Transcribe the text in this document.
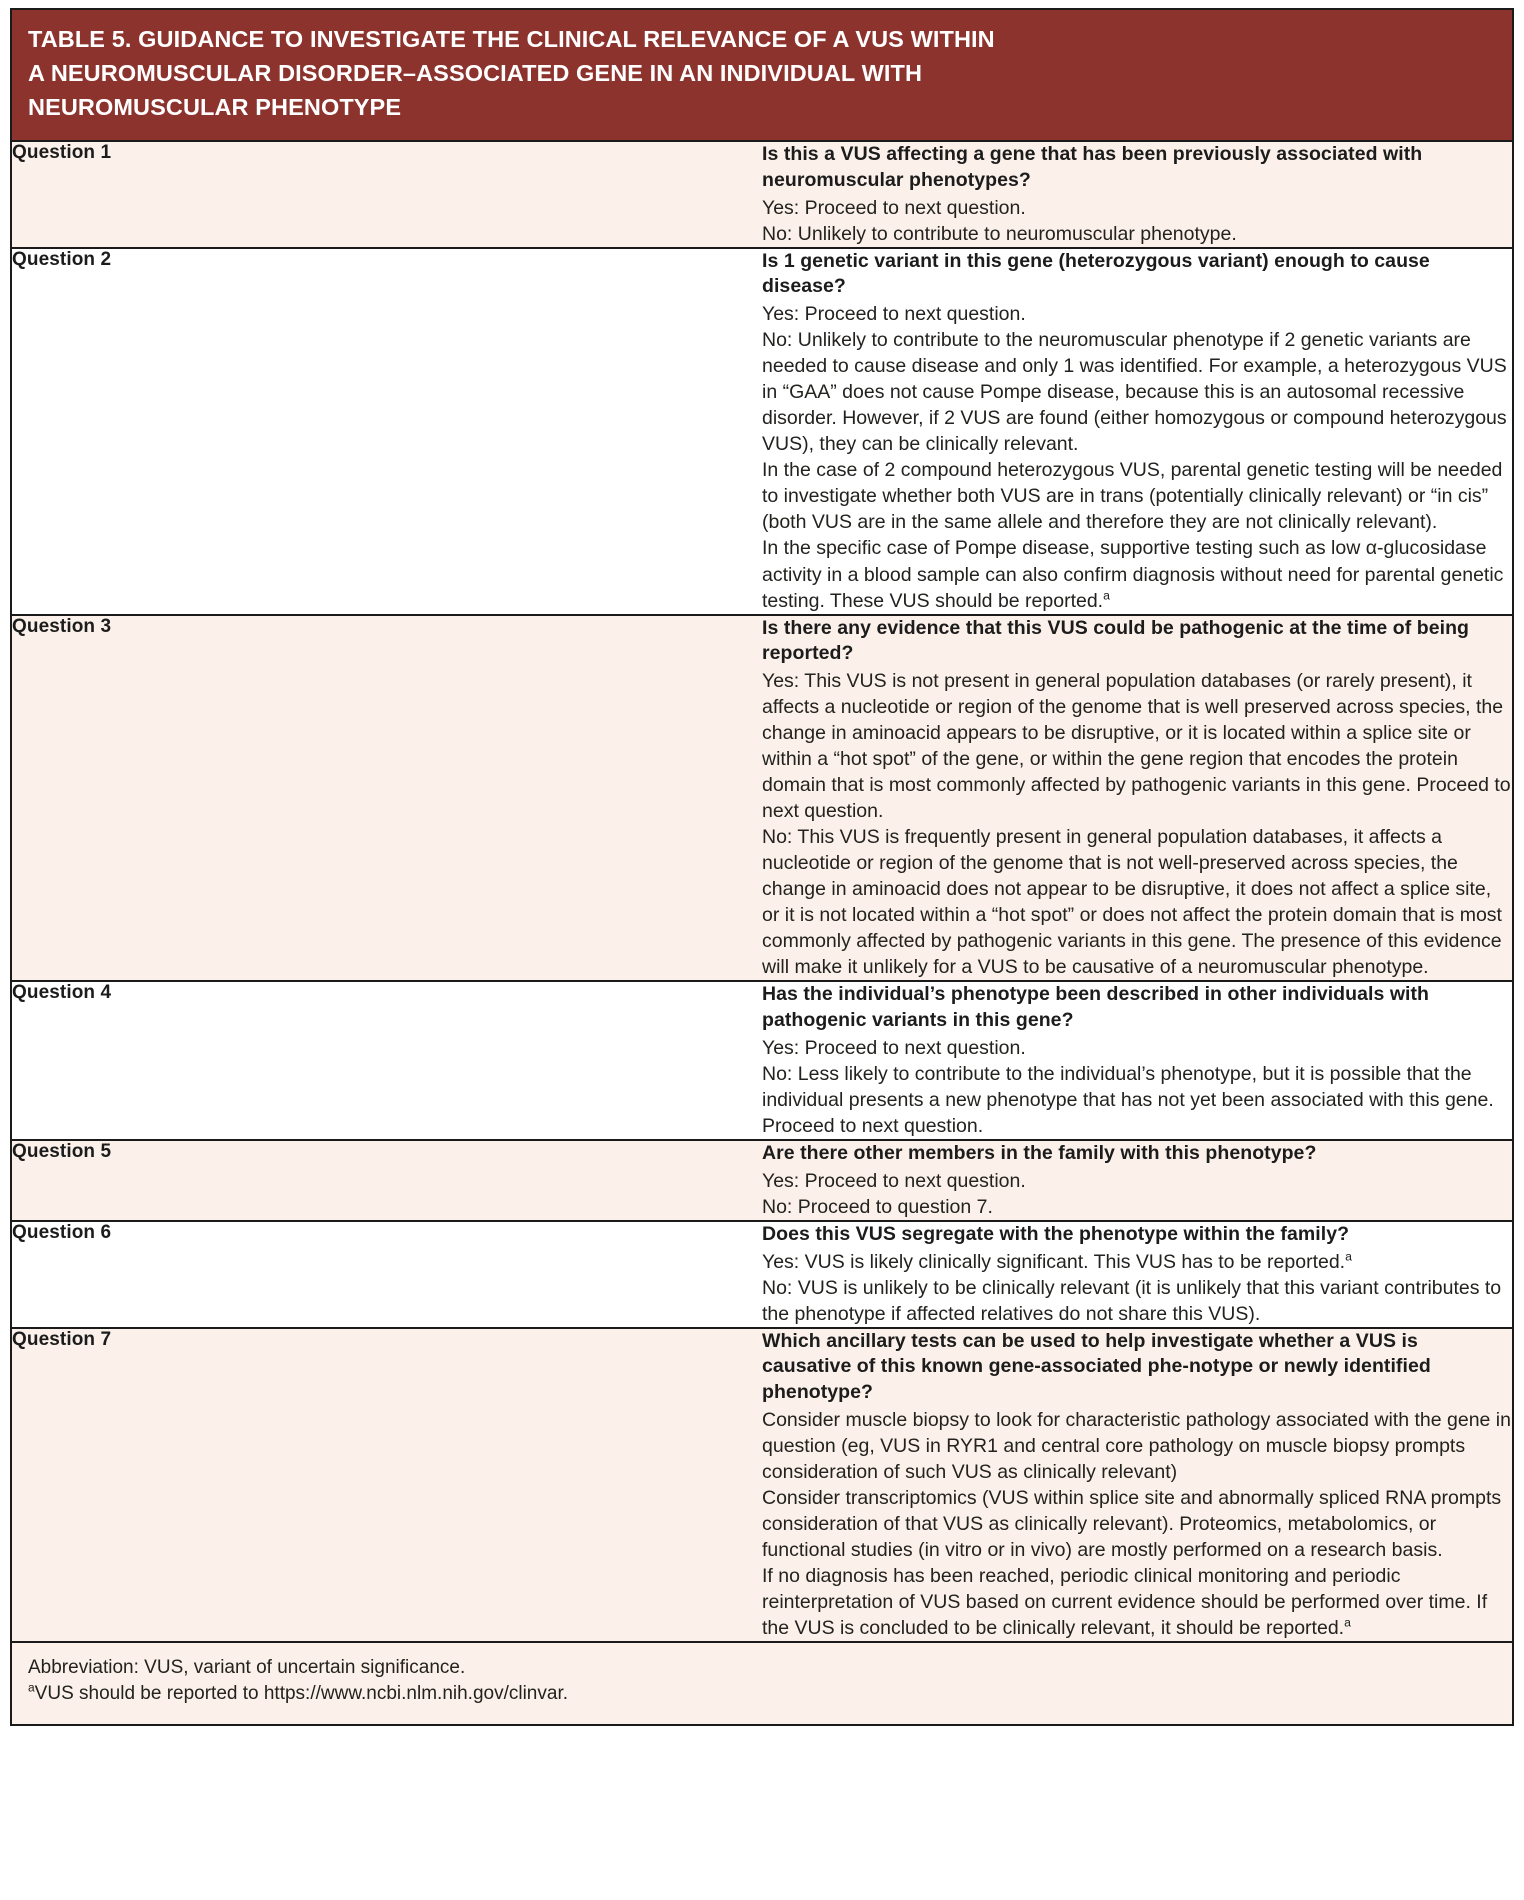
TABLE 5. GUIDANCE TO INVESTIGATE THE CLINICAL RELEVANCE OF A VUS WITHIN
A NEUROMUSCULAR DISORDER–ASSOCIATED GENE IN AN INDIVIDUAL WITH
NEUROMUSCULAR PHENOTYPE	

Question 1	Is this a VUS affecting a gene that has been previously associated with neuromuscular phenotypes?

Yes: Proceed to next question.

No: Unlikely to contribute to neuromuscular phenotype.

Question 2	Is 1 genetic variant in this gene (heterozygous variant) enough to cause disease?

Yes: Proceed to next question.

No: Unlikely to contribute to the neuromuscular phenotype if 2 genetic variants are needed to cause disease and only 1 was identified. For example, a heterozygous VUS in “GAA” does not cause Pompe disease, because this is an autosomal recessive disorder. However, if 2 VUS are found (either homozygous or compound heterozygous VUS), they can be clinically relevant.

In the case of 2 compound heterozygous VUS, parental genetic testing will be needed to investigate whether both VUS are in trans (potentially clinically relevant) or “in cis” (both VUS are in the same allele and therefore they are not clinically relevant).

In the specific case of Pompe disease, supportive testing such as low α-glucosidase activity in a blood sample can also confirm diagnosis without need for parental genetic testing. These VUS should be reported.$^a$

Question 3	Is there any evidence that this VUS could be pathogenic at the time of being reported?

Yes: This VUS is not present in general population databases (or rarely present), it affects a nucleotide or region of the genome that is well preserved across species, the change in aminoacid appears to be disruptive, or it is located within a splice site or within a “hot spot” of the gene, or within the gene region that encodes the protein domain that is most commonly affected by pathogenic variants in this gene. Proceed to next question.

No: This VUS is frequently present in general population databases, it affects a nucleotide or region of the genome that is not well-preserved across species, the change in aminoacid does not appear to be disruptive, it does not affect a splice site, or it is not located within a “hot spot” or does not affect the protein domain that is most commonly affected by pathogenic variants in this gene. The presence of this evidence will make it unlikely for a VUS to be causative of a neuromuscular phenotype.

Question 4	Has the individual’s phenotype been described in other individuals with pathogenic variants in this gene?

Yes: Proceed to next question.

No: Less likely to contribute to the individual’s phenotype, but it is possible that the individual presents a new phenotype that has not yet been associated with this gene. Proceed to next question.

Question 5	Are there other members in the family with this phenotype?

Yes: Proceed to next question.

No: Proceed to question 7.

Question 6	Does this VUS segregate with the phenotype within the family?

Yes: VUS is likely clinically significant. This VUS has to be reported.$^a$

No: VUS is unlikely to be clinically relevant (it is unlikely that this variant contributes to the phenotype if affected relatives do not share this VUS).

Question 7	Which ancillary tests can be used to help investigate whether a VUS is causative of this known gene-associated phe-notype or newly identified phenotype?

Consider muscle biopsy to look for characteristic pathology associated with the gene in question (eg, VUS in RYR1 and central core pathology on muscle biopsy prompts consideration of such VUS as clinically relevant)

Consider transcriptomics (VUS within splice site and abnormally spliced RNA prompts consideration of that VUS as clinically relevant). Proteomics, metabolomics, or functional studies (in vitro or in vivo) are mostly performed on a research basis.

If no diagnosis has been reached, periodic clinical monitoring and periodic reinterpretation of VUS based on current evidence should be performed over time. If the VUS is concluded to be clinically relevant, it should be reported.$^a$

Abbreviation: VUS, variant of uncertain significance.

$^a$VUS should be reported to https://www.ncbi.nlm.nih.gov/clinvar.	
